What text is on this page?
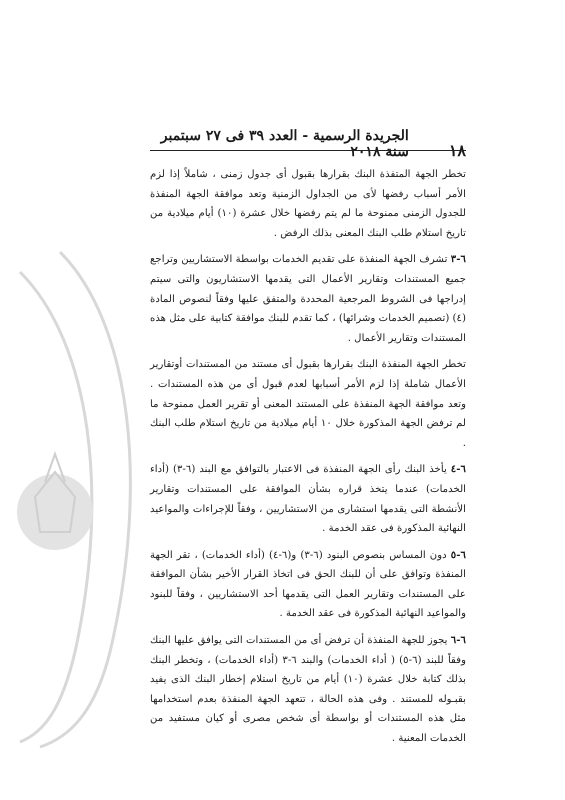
١٨
الجريدة الرسمية - العدد ٣٩ فى ٢٧ سبتمبر سنة ٢٠١٨

تخطر الجهة المتفذة البنك بقرارها بقبول أى جدول زمنى ، شاملاً إذا لزم الأمر أسباب رفضها لأى من الجداول الزمنية وتعد موافقة الجهة المنفذة للجدول الزمنى ممنوحة ما لم يتم رفضها خلال عشرة (١٠) أيام ميلادية من تاريخ استلام طلب البنك المعنى بذلك الرفض .

٦-٣ تشرف الجهة المنفذة على تقديم الخدمات بواسطة الاستشاريين وتراجع جميع المستندات وتقارير الأعمال التى يقدمها الاستشاريون والتى سيتم إدراجها فى الشروط المرجعية المحددة والمتفق عليها وفقاً لنصوص المادة (٤) (تصميم الخدمات وشرائها) ، كما تقدم للبنك موافقة كتابية على مثل هذه المستندات وتقارير الأعمال .

تخطر الجهة المنفذة البنك بقرارها بقبول أى مستند من المستندات أوتقارير الأعمال شاملة إذا لزم الأمر أسبابها لعدم قبول أى من هذه المستندات . وتعد موافقة الجهة المنفذة على المستند المعنى أو تقرير العمل ممنوحة ما لم ترفض الجهة المذكورة خلال ١٠ أيام ميلادية من تاريخ استلام طلب البنك .

٦-٤ يأخذ البنك رأى الجهة المنفذة فى الاعتبار بالتوافق مع البند (٦-٣) (أداء الخدمات) عندما يتخذ قراره بشأن الموافقة على المستندات وتقارير الأنشطة التى يقدمها استشارى من الاستشاريين ، وفقاً للإجراءات والمواعيد النهائية المذكورة فى عقد الخدمة .

٦-٥ دون المساس بنصوص البنود (٦-٣) و(٦-٤) (أداء الخدمات) ، تقر الجهة المنفذة وتوافق على أن للبنك الحق فى اتخاذ القرار الأخير بشأن الموافقة على المستندات وتقارير العمل التى يقدمها أحد الاستشاريين ، وفقاً للبنود والمواعيد النهائية المذكورة فى عقد الخدمة .

٦-٦ يجوز للجهة المنفذة أن ترفض أى من المستندات التى يوافق عليها البنك وفقاً للبند (٦-٥) ( أداء الخدمات) والبند ٦-٣ (أداء الخدمات) ، وتخطر البنك بذلك كتابة خلال عشرة (١٠) أيام من تاريخ استلام إخطار البنك الذى يفيد بقبـوله للمستند . وفى هذه الحالة ، تتعهد الجهة المنفذة بعدم استخدامها مثل هذه المستندات أو بواسطة أى شخص مصرى أو كيان مستفيد من الخدمات المعنية .
